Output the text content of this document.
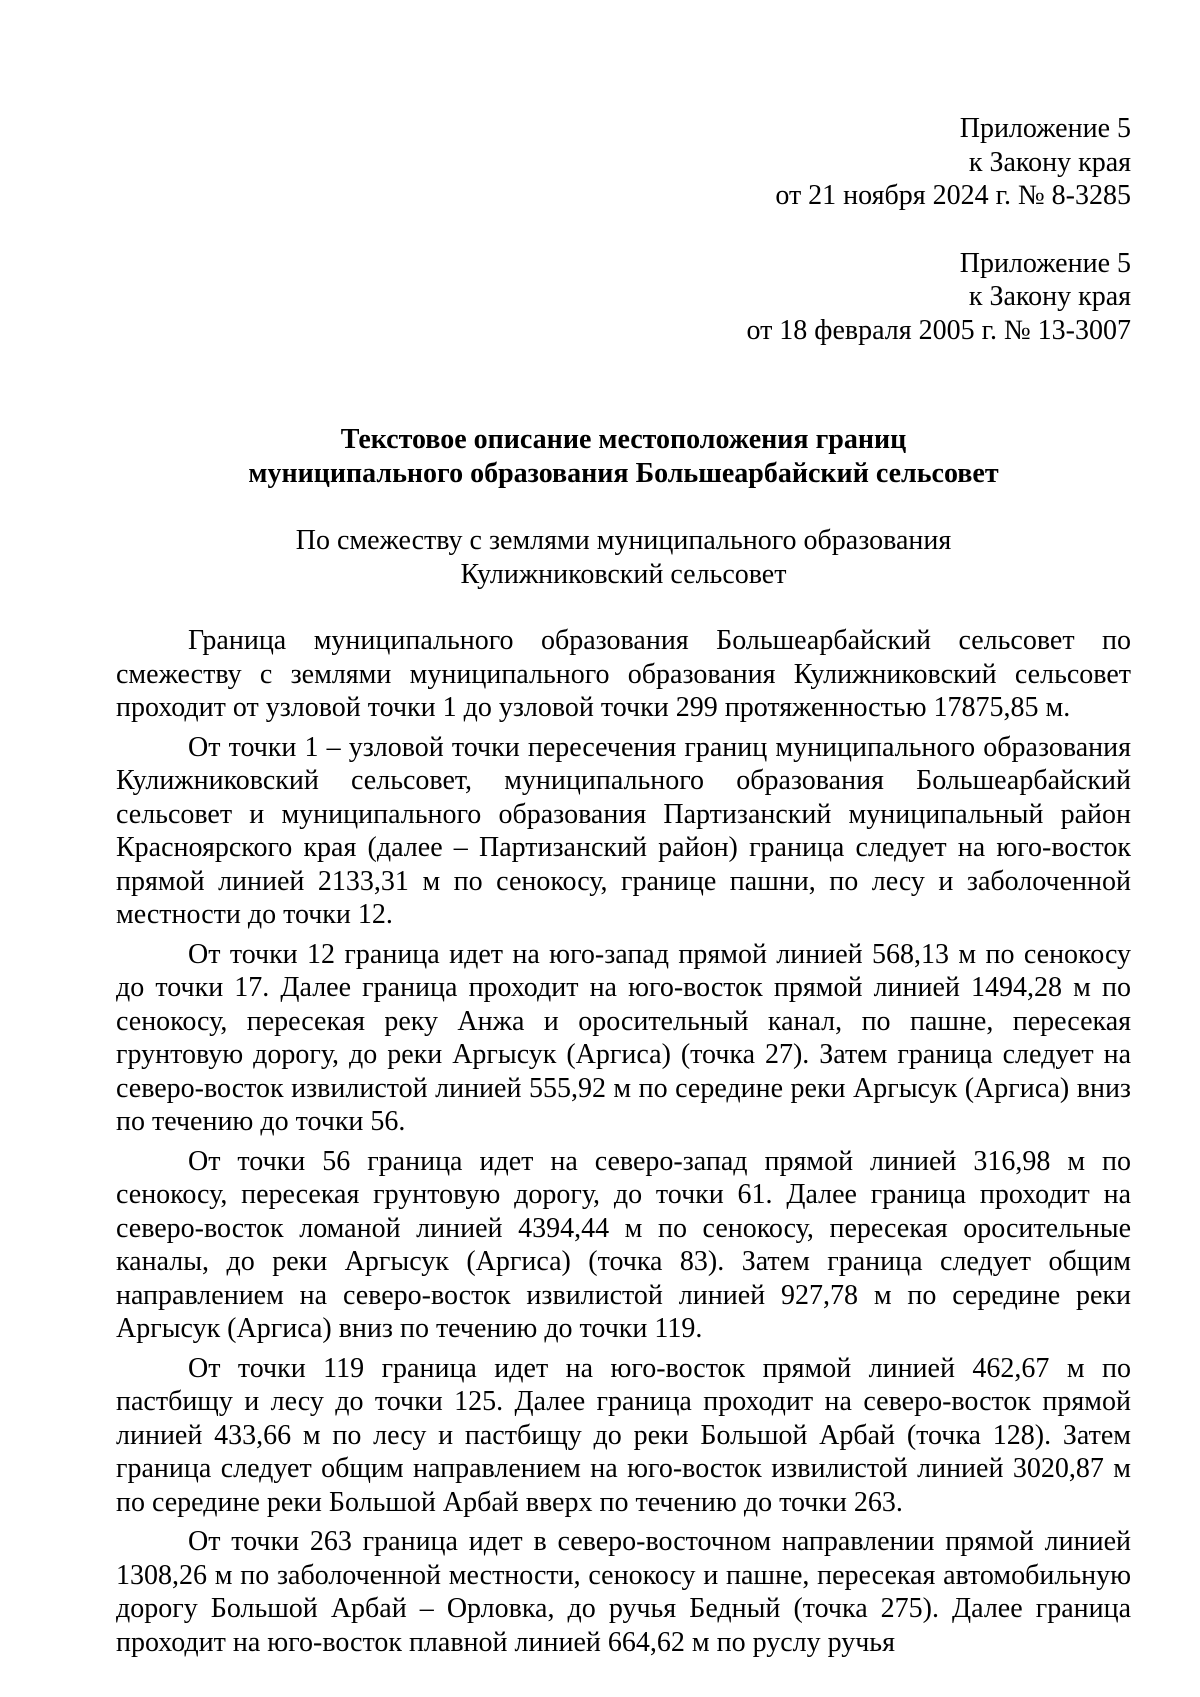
Приложение 5
к Закону края
от 21 ноября 2024 г. № 8-3285
Приложение 5
к Закону края
от 18 февраля 2005 г. № 13-3007
Текстовое описание местоположения границ
муниципального образования Большеарбайский сельсовет
По смежеству с землями муниципального образования
Кулижниковский сельсовет

Граница муниципального образования Большеарбайский сельсовет по смежеству с землями муниципального образования Кулижниковский сельсовет проходит от узловой точки 1 до узловой точки 299 протяженностью 17875,85 м.

От точки 1 – узловой точки пересечения границ муниципального образования Кулижниковский сельсовет, муниципального образования Большеарбайский сельсовет и муниципального образования Партизанский муниципальный район Красноярского края (далее – Партизанский район) граница следует на юго-восток прямой линией 2133,31 м по сенокосу, границе пашни, по лесу и заболоченной местности до точки 12.

От точки 12 граница идет на юго-запад прямой линией 568,13 м по сенокосу до точки 17. Далее граница проходит на юго-восток прямой линией 1494,28 м по сенокосу, пересекая реку Анжа и оросительный канал, по пашне, пересекая грунтовую дорогу, до реки Аргысук (Аргиса) (точка 27). Затем граница следует на северо-восток извилистой линией 555,92 м по середине реки Аргысук (Аргиса) вниз по течению до точки 56.

От точки 56 граница идет на северо-запад прямой линией 316,98 м по сенокосу, пересекая грунтовую дорогу, до точки 61. Далее граница проходит на северо-восток ломаной линией 4394,44 м по сенокосу, пересекая оросительные каналы, до реки Аргысук (Аргиса) (точка 83). Затем граница следует общим направлением на северо-восток извилистой линией 927,78 м по середине реки Аргысук (Аргиса) вниз по течению до точки 119.

От точки 119 граница идет на юго-восток прямой линией 462,67 м по пастбищу и лесу до точки 125. Далее граница проходит на северо-восток прямой линией 433,66 м по лесу и пастбищу до реки Большой Арбай (точка 128). Затем граница следует общим направлением на юго-восток извилистой линией 3020,87 м по середине реки Большой Арбай вверх по течению до точки 263.

От точки 263 граница идет в северо-восточном направлении прямой линией 1308,26 м по заболоченной местности, сенокосу и пашне, пересекая автомобильную дорогу Большой Арбай – Орловка, до ручья Бедный (точка 275). Далее граница проходит на юго-восток плавной линией 664,62 м по руслу ручья
